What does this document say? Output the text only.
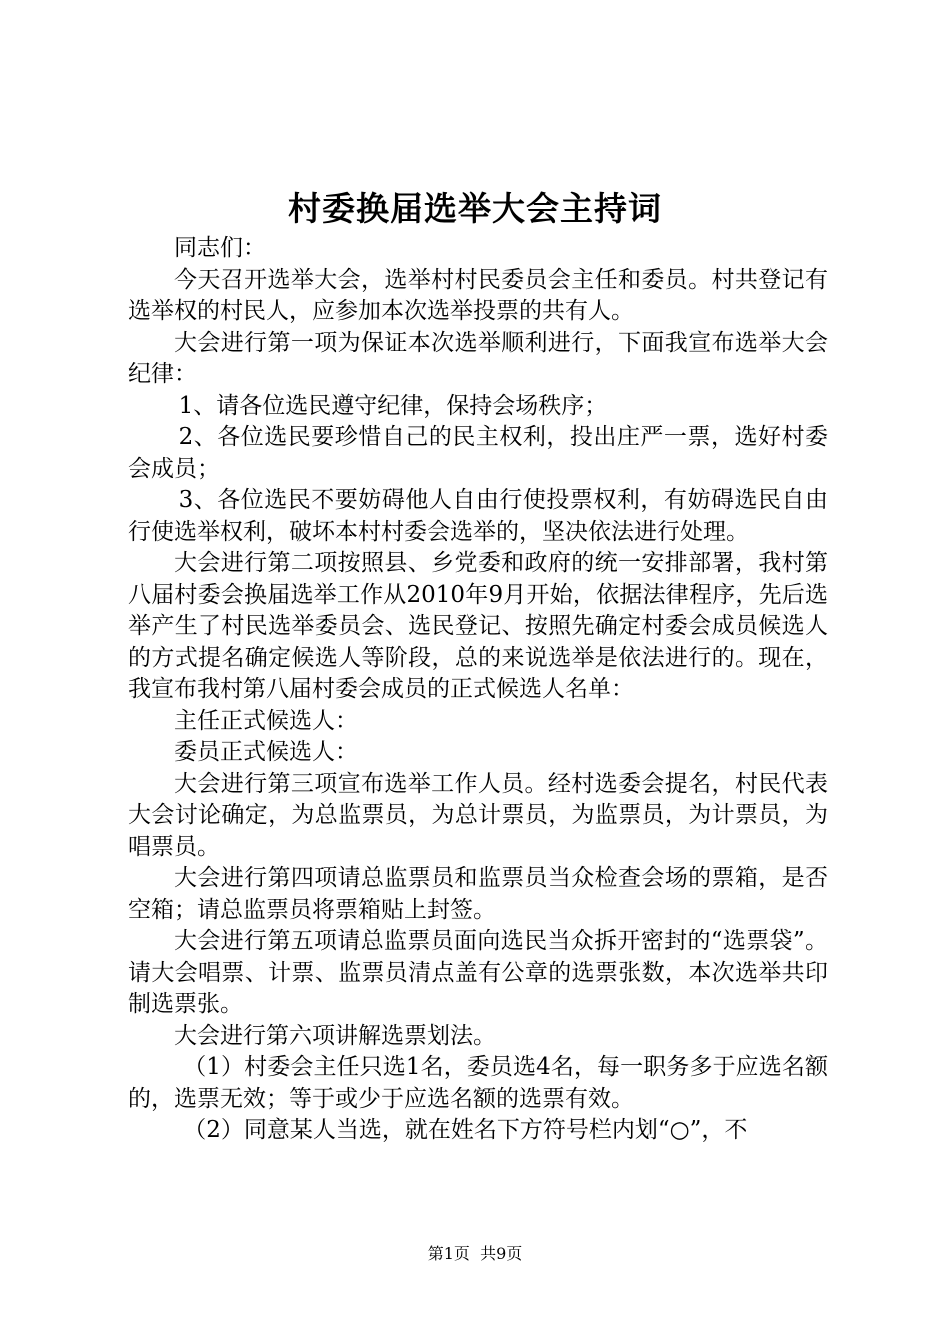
村委换届选举大会主持词

同志们：

今天召开选举大会，选举村村民委员会主任和委员。村共登记有选举权的村民人，应参加本次选举投票的共有人。

大会进行第一项为保证本次选举顺利进行，下面我宣布选举大会纪律：

1、请各位选民遵守纪律，保持会场秩序；

2、各位选民要珍惜自己的民主权利，投出庄严一票，选好村委会成员；

3、各位选民不要妨碍他人自由行使投票权利，有妨碍选民自由行使选举权利，破坏本村村委会选举的，坚决依法进行处理。

大会进行第二项按照县、乡党委和政府的统一安排部署，我村第八届村委会换届选举工作从2010年9月开始，依据法律程序，先后选举产生了村民选举委员会、选民登记、按照先确定村委会成员候选人的方式提名确定候选人等阶段，总的来说选举是依法进行的。现在，我宣布我村第八届村委会成员的正式候选人名单：

主任正式候选人：

委员正式候选人：

大会进行第三项宣布选举工作人员。经村选委会提名，村民代表大会讨论确定，为总监票员，为总计票员，为监票员，为计票员，为唱票员。

大会进行第四项请总监票员和监票员当众检查会场的票箱，是否空箱；请总监票员将票箱贴上封签。

大会进行第五项请总监票员面向选民当众拆开密封的“选票袋”。请大会唱票、计票、监票员清点盖有公章的选票张数，本次选举共印制选票张。

大会进行第六项讲解选票划法。

（1）村委会主任只选1名，委员选4名，每一职务多于应选名额的，选票无效；等于或少于应选名额的选票有效。

（2）同意某人当选，就在姓名下方符号栏内划“○”，不

第1页 共9页
